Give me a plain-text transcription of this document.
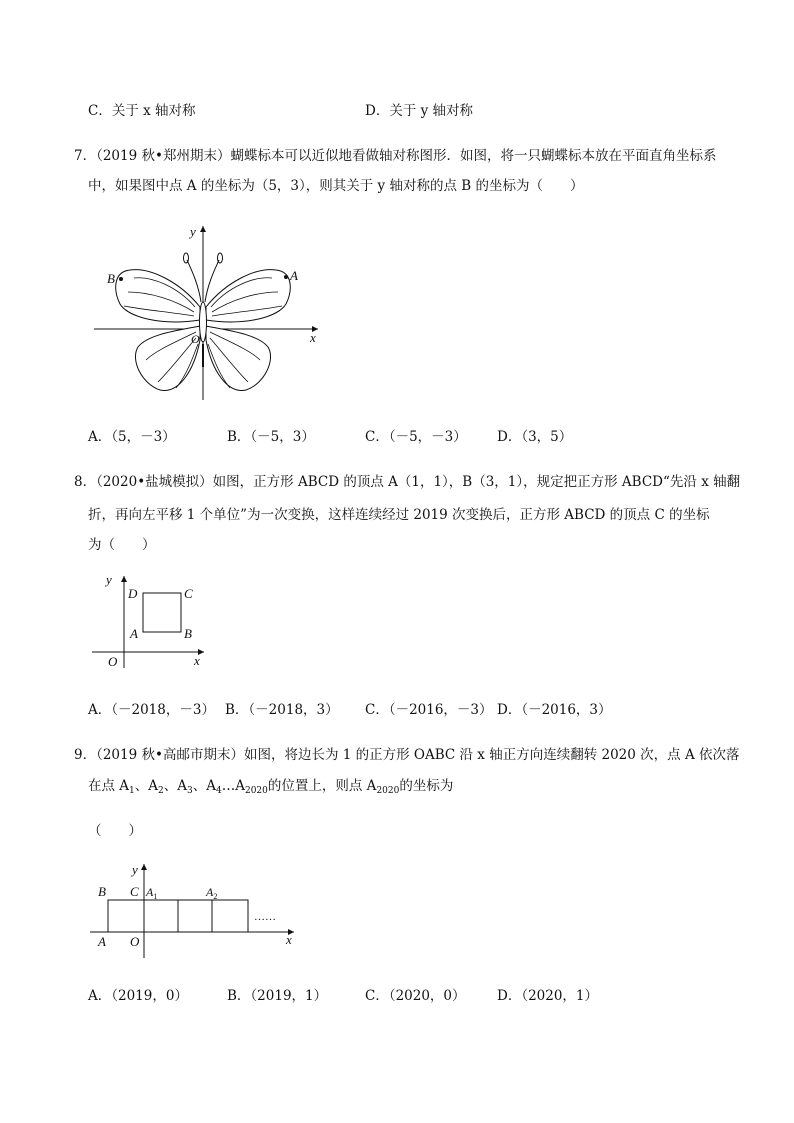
C．关于 x 轴对称	D．关于 y 轴对称
7．（2019 秋•郑州期末）蝴蝶标本可以近似地看做轴对称图形．如图，将一只蝴蝶标本放在平面直角坐标系
中，如果图中点 A 的坐标为（5，3），则其关于 y 轴对称的点 B 的坐标为（　　）
B	A
y
x
O
A．（5，－3）	B．（－5，3）	C．（－5，－3） D．（3，5）
8．（2020•盐城模拟）如图，正方形 ABCD 的顶点 A（1，1），B（3，1），规定把正方形 ABCD“先沿 x 轴翻
折，再向左平移 1 个单位”为一次变换，这样连续经过 2019 次变换后，正方形 ABCD 的顶点 C 的坐标
为（　　）
y
x
O
D	C
A	B
A．（－2018，－3） B．（－2018，3） C．（－2016，－3） D．（－2016，3）
9．（2019 秋•高邮市期末）如图，将边长为 1 的正方形 OABC 沿 x 轴正方向连续翻转 2020 次，点 A 依次落
在点 $A_1$、$A_2$、$A_3$、$A_4\dots A_{2020}$的位置上，则点 $A_{2020}$的坐标为
（　　）
……
y
x
O
A
B C $A_1$	$A_2$
A．（2019，0）	B．（2019，1）	C．（2020，0） D．（2020，1）
